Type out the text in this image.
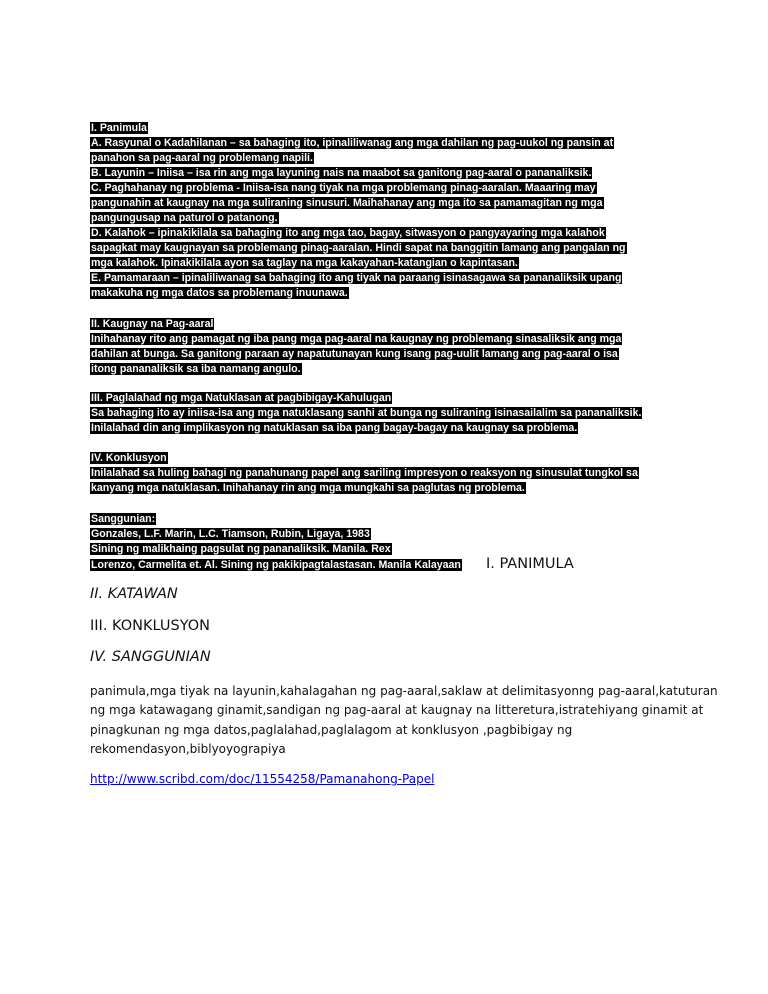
I. Panimula
A. Rasyunal o Kadahilanan – sa bahaging ito, ipinaliliwanag ang mga dahilan ng pag-uukol ng pansin at
panahon sa pag-aaral ng problemang napili.
B. Layunin – Iniisa – isa rin ang mga layuning nais na maabot sa ganitong pag-aaral o pananaliksik.
C. Paghahanay ng problema - Iniisa-isa nang tiyak na mga problemang pinag-aaralan. Maaaring may
pangunahin at kaugnay na mga suliraning sinusuri. Maihahanay ang mga ito sa pamamagitan ng mga
pangungusap na paturol o patanong.
D. Kalahok – ipinakikilala sa bahaging ito ang mga tao, bagay, sitwasyon o pangyayaring mga kalahok
sapagkat may kaugnayan sa problemang pinag-aaralan. Hindi sapat na banggitin lamang ang pangalan ng
mga kalahok. Ipinakikilala ayon sa taglay na mga kakayahan-katangian o kapintasan.
E. Pamamaraan – ipinaliliwanag sa bahaging ito ang tiyak na paraang isinasagawa sa pananaliksik upang
makakuha ng mga datos sa problemang inuunawa.
II. Kaugnay na Pag-aaral
Inihahanay rito ang pamagat ng iba pang mga pag-aaral na kaugnay ng problemang sinasaliksik ang mga
dahilan at bunga. Sa ganitong paraan ay napatutunayan kung isang pag-uulit lamang ang pag-aaral o isa
itong pananaliksik sa iba namang angulo.
III. Paglalahad ng mga Natuklasan at pagbibigay-Kahulugan
Sa bahaging ito ay iniisa-isa ang mga natuklasang sanhi at bunga ng suliraning isinasailalim sa pananaliksik.
Inilalahad din ang implikasyon ng natuklasan sa iba pang bagay-bagay na kaugnay sa problema.
IV. Konklusyon
Inilalahad sa huling bahagi ng panahunang papel ang sariling impresyon o reaksyon ng sinusulat tungkol sa
kanyang mga natuklasan. Inihahanay rin ang mga mungkahi sa paglutas ng problema.
Sanggunian:
Gonzales, L.F. Marin, L.C. Tiamson, Rubin, Ligaya, 1983
Sining ng malikhaing pagsulat ng pananaliksik. Manila. Rex
Lorenzo, Carmelita et. Al. Sining ng pakikipagtalastasan. Manila Kalayaan I. PANIMULA
II. KATAWAN
III. KONKLUSYON
IV. SANGGUNIAN
panimula,mga tiyak na layunin,kahalagahan ng pag-aaral,saklaw at delimitasyonng pag-aaral,katuturan
ng mga katawagang ginamit,sandigan ng pag-aaral at kaugnay na litteretura,istratehiyang ginamit at
pinagkunan ng mga datos,paglalahad,paglalagom at konklusyon ,pagbibigay ng
rekomendasyon,biblyoyograpiya
http://www.scribd.com/doc/11554258/Pamanahong-Papel
